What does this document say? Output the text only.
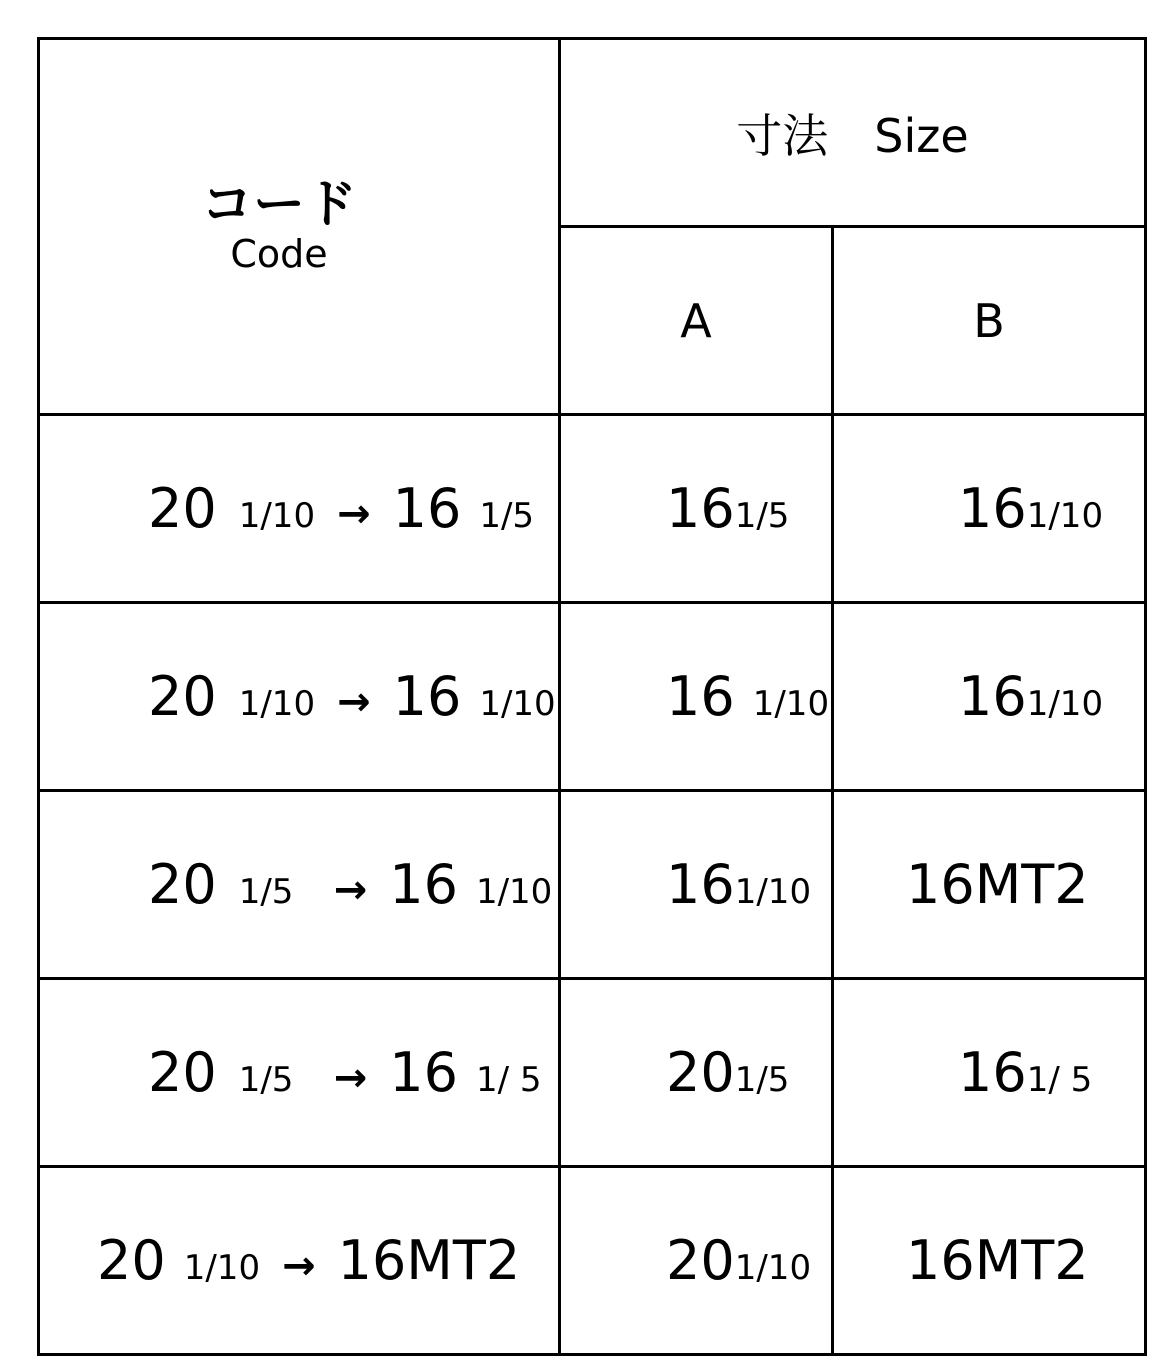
コード
Code	寸法　Size	
	A	B
20 1/10 → 16 1/5	161/5	161/10
20 1/10 → 16 1/10	16 1/10	161/10
20 1/5 → 16 1/10	161/10	16MT2
20 1/5 → 16 1/ 5	201/5	161/ 5
20 1/10 → 16MT2	201/10	16MT2
